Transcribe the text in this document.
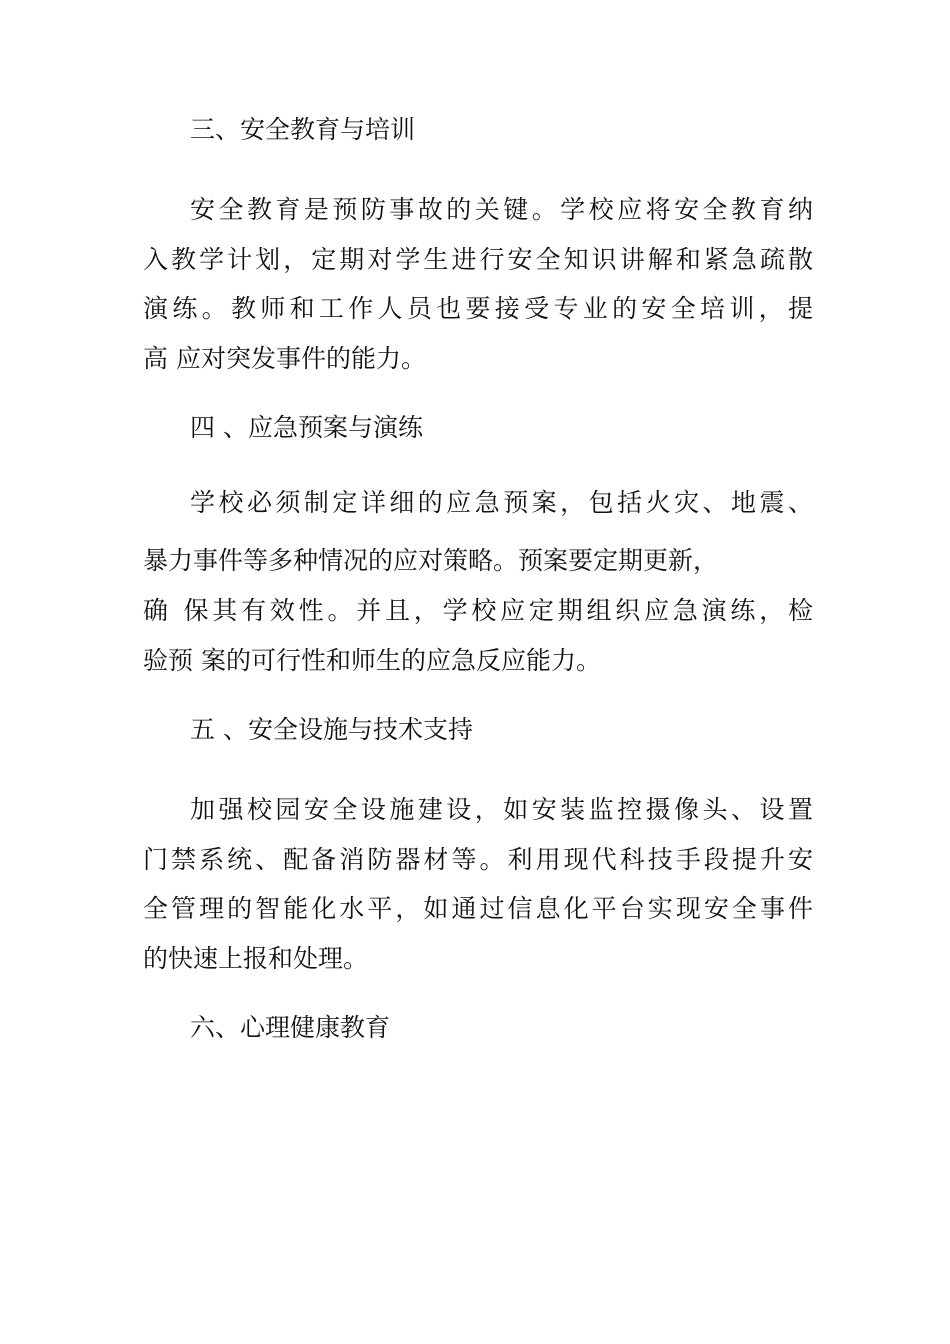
三、安全教育与培训

安全教育是预防事故的关键。学校应将安全教育纳

入教学计划，定期对学生进行安全知识讲解和紧急疏散

演练。教师和工作人员也要接受专业的安全培训，提

高 应对突发事件的能力。

四 、应急预案与演练

学校必须制定详细的应急预案，包括火灾、地震、

暴力事件等多种情况的应对策略。预案要定期更新，

确 保其有效性。并且，学校应定期组织应急演练，检

验预 案的可行性和师生的应急反应能力。

五 、安全设施与技术支持

加强校园安全设施建设，如安装监控摄像头、设置

门禁系统、配备消防器材等。利用现代科技手段提升安

全管理的智能化水平，如通过信息化平台实现安全事件

的快速上报和处理。

六、心理健康教育
